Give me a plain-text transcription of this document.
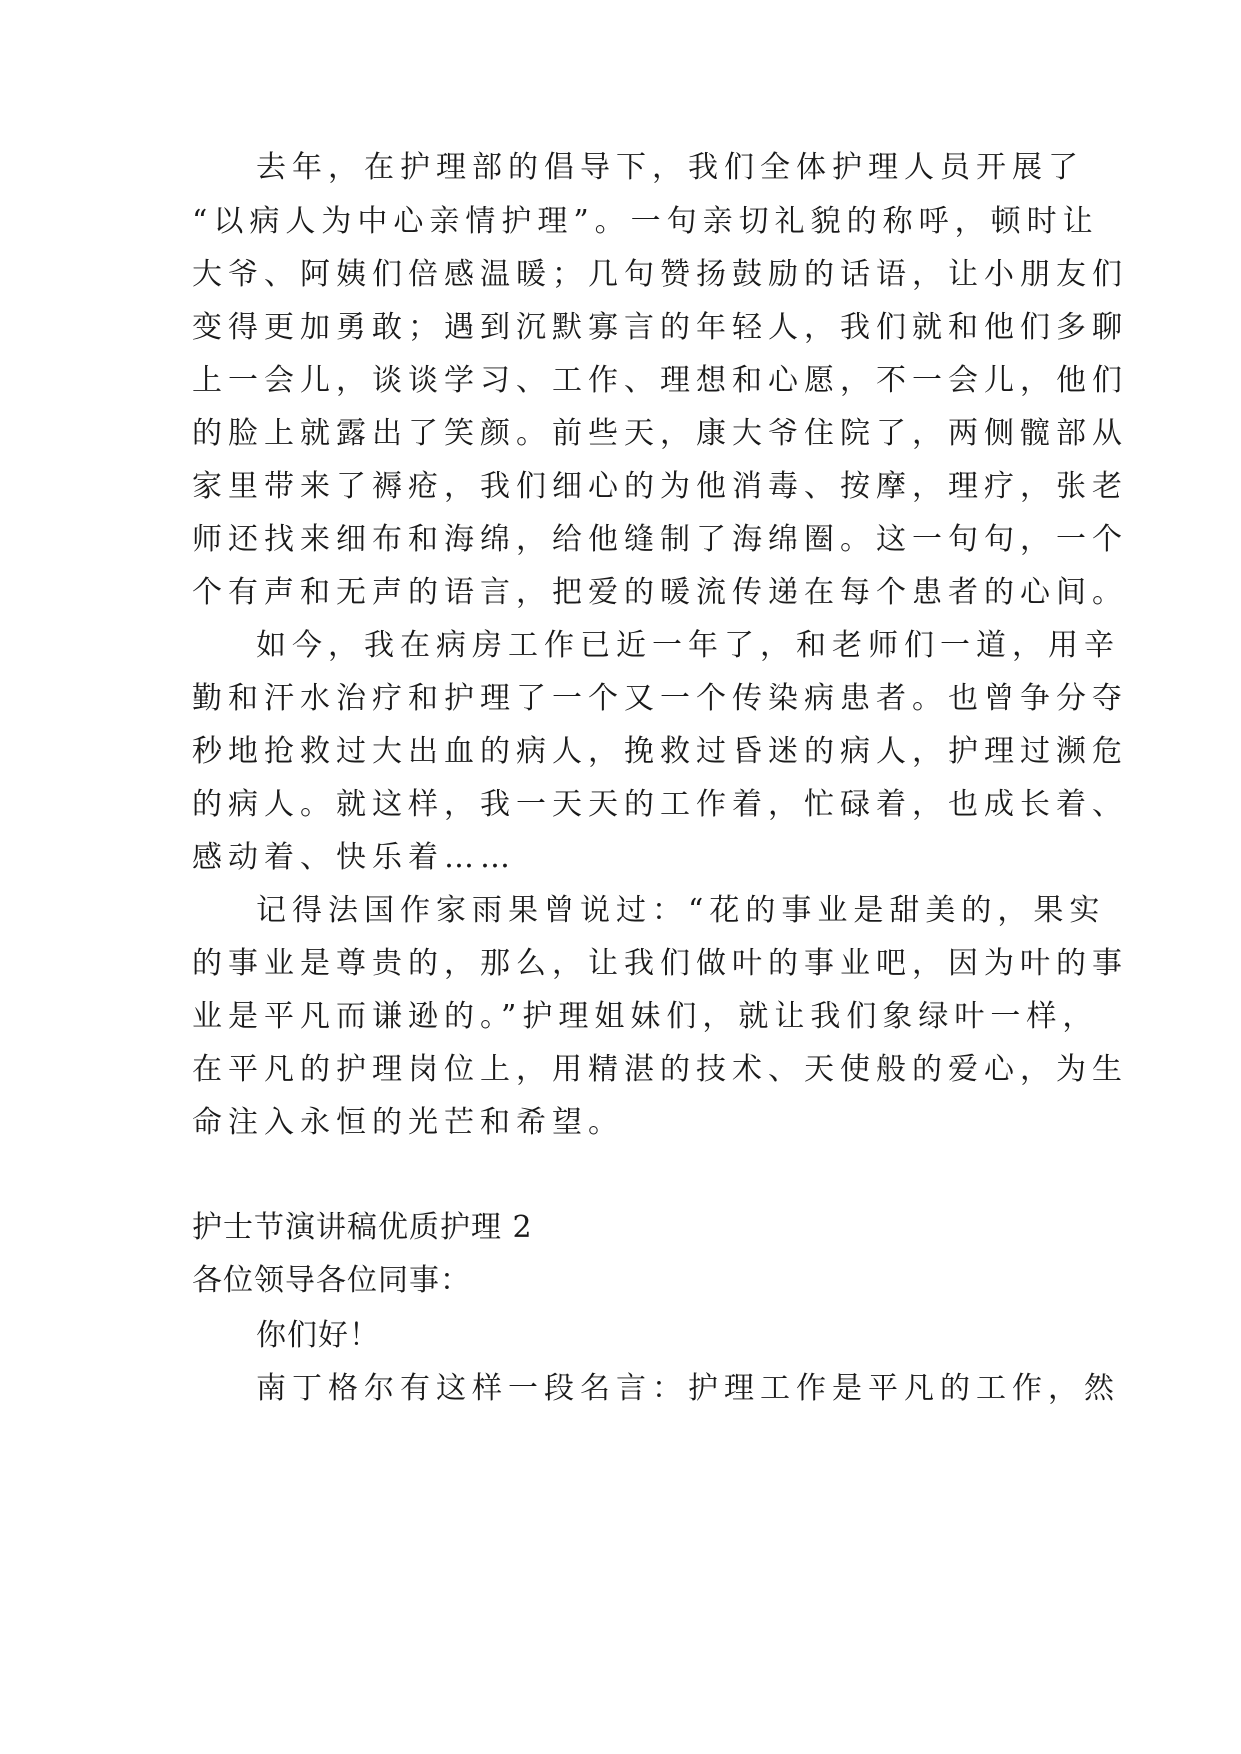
去年，在护理部的倡导下，我们全体护理人员开展了
“以病人为中心亲情护理”。一句亲切礼貌的称呼，顿时让
大爷、阿姨们倍感温暖；几句赞扬鼓励的话语，让小朋友们
变得更加勇敢；遇到沉默寡言的年轻人，我们就和他们多聊
上一会儿，谈谈学习、工作、理想和心愿，不一会儿，他们
的脸上就露出了笑颜。前些天，康大爷住院了，两侧髋部从
家里带来了褥疮，我们细心的为他消毒、按摩，理疗，张老
师还找来细布和海绵，给他缝制了海绵圈。这一句句，一个
个有声和无声的语言，把爱的暖流传递在每个患者的心间。
如今，我在病房工作已近一年了，和老师们一道，用辛
勤和汗水治疗和护理了一个又一个传染病患者。也曾争分夺
秒地抢救过大出血的病人，挽救过昏迷的病人，护理过濒危
的病人。就这样，我一天天的工作着，忙碌着，也成长着、
感动着、快乐着……
记得法国作家雨果曾说过：“花的事业是甜美的，果实
的事业是尊贵的，那么，让我们做叶的事业吧，因为叶的事
业是平凡而谦逊的。”护理姐妹们，就让我们象绿叶一样，
在平凡的护理岗位上，用精湛的技术、天使般的爱心，为生
命注入永恒的光芒和希望。
护士节演讲稿优质护理 2
各位领导各位同事：
你们好！
南丁格尔有这样一段名言：护理工作是平凡的工作，然
